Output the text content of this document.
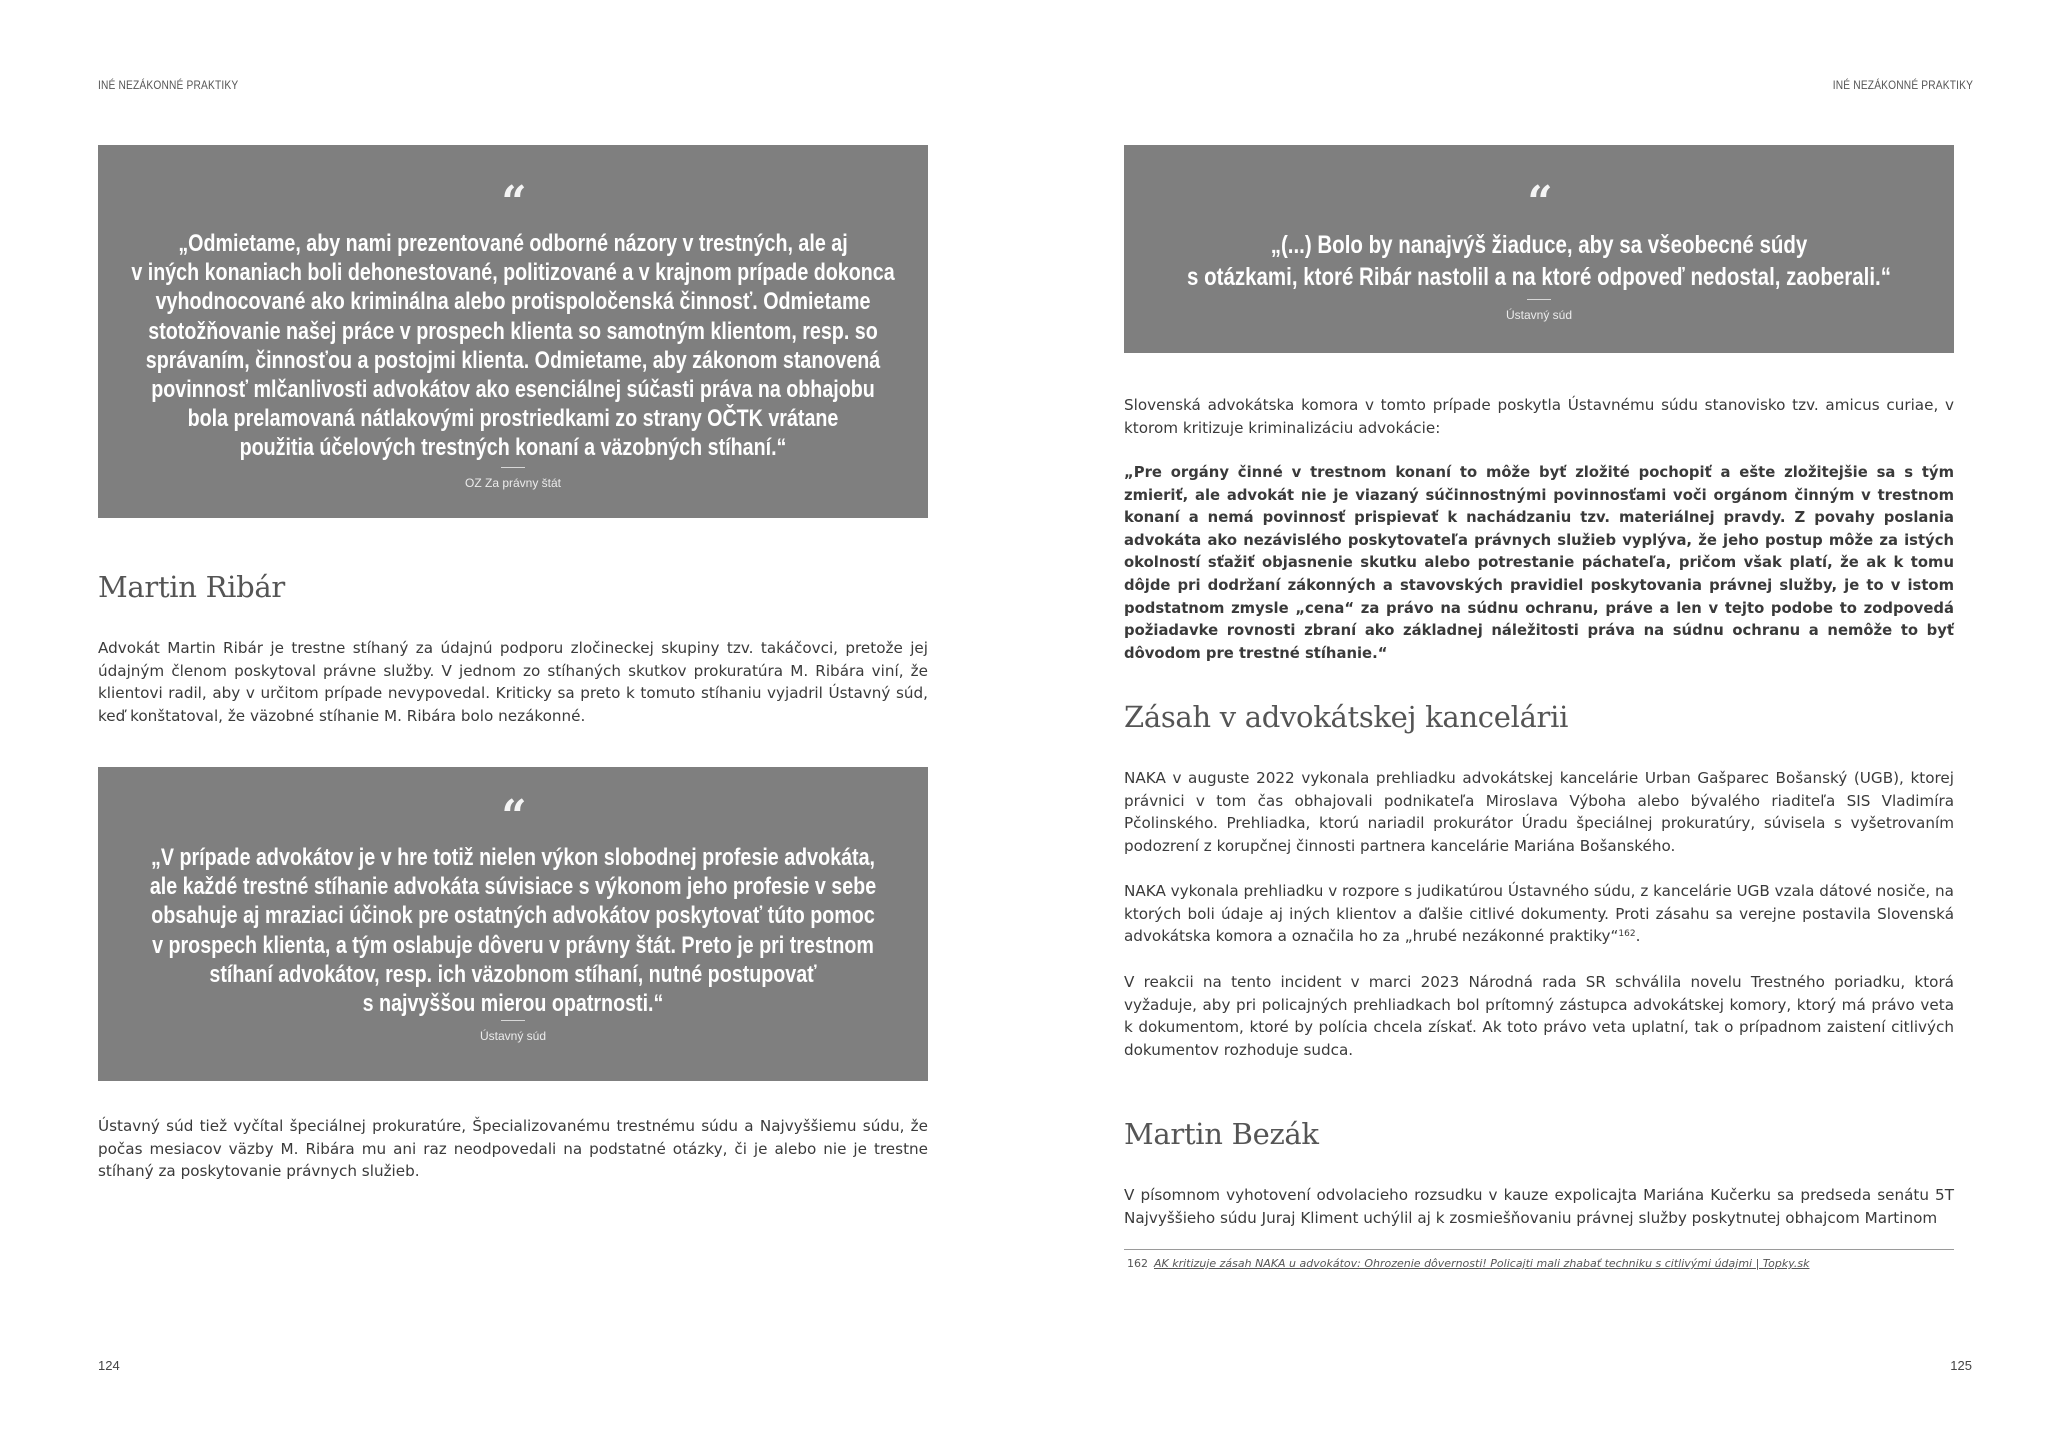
INÉ NEZÁKONNÉ PRAKTIKY
“
„Odmietame, aby nami prezentované odborné názory v trestných, ale aj
v iných konaniach boli dehonestované, politizované a v krajnom prípade dokonca
vyhodnocované ako kriminálna alebo protispoločenská činnosť. Odmietame
stotožňovanie našej práce v prospech klienta so samotným klientom, resp. so
správaním, činnosťou a postojmi klienta. Odmietame, aby zákonom stanovená
povinnosť mlčanlivosti advokátov ako esenciálnej súčasti práva na obhajobu
bola prelamovaná nátlakovými prostriedkami zo strany OČTK vrátane
použitia účelových trestných konaní a väzobných stíhaní.“
OZ Za právny štát
Martin Ribár

Advokát Martin Ribár je trestne stíhaný za údajnú podporu zločineckej skupiny tzv. takáčovci, pretože jej údajným členom poskytoval právne služby. V jednom zo stíhaných skutkov prokuratúra M. Ribára viní, že klientovi radil, aby v určitom prípade nevypovedal. Kriticky sa preto k tomuto stíhaniu vyjadril Ústavný súd, keď konštatoval, že väzobné stíhanie M. Ribára bolo nezákonné.

“
„V prípade advokátov je v hre totiž nielen výkon slobodnej profesie advokáta,
ale každé trestné stíhanie advokáta súvisiace s výkonom jeho profesie v sebe
obsahuje aj mraziaci účinok pre ostatných advokátov poskytovať túto pomoc
v prospech klienta, a tým oslabuje dôveru v právny štát. Preto je pri trestnom
stíhaní advokátov, resp. ich väzobnom stíhaní, nutné postupovať
s najvyššou mierou opatrnosti.“
Ústavný súd

Ústavný súd tiež vyčítal špeciálnej prokuratúre, Špecializovanému trestnému súdu a Najvyššiemu súdu, že počas mesiacov väzby M. Ribára mu ani raz neodpovedali na podstatné otázky, či je alebo nie je trestne stíhaný za poskytovanie právnych služieb.

124
INÉ NEZÁKONNÉ PRAKTIKY
“
„(...) Bolo by nanajvýš žiaduce, aby sa všeobecné súdy
s otázkami, ktoré Ribár nastolil a na ktoré odpoveď nedostal, zaoberali.“
Ústavný súd

Slovenská advokátska komora v tomto prípade poskytla Ústavnému súdu stanovisko tzv. amicus curiae, v ktorom kritizuje kriminalizáciu advokácie:

„Pre orgány činné v trestnom konaní to môže byť zložité pochopiť a ešte zložitejšie sa s tým zmieriť, ale advokát nie je viazaný súčinnostnými povinnosťami voči orgánom činným v trestnom konaní a nemá povinnosť prispievať k nachádzaniu tzv. materiálnej pravdy. Z povahy poslania advokáta ako nezávislého poskytovateľa právnych služieb vyplýva, že jeho postup môže za istých okolností sťažiť objasnenie skutku alebo potrestanie páchateľa, pričom však platí, že ak k tomu dôjde pri dodržaní zákonných a stavovských pravidiel poskytovania právnej služby, je to v istom podstatnom zmysle „cena“ za právo na súdnu ochranu, práve a len v tejto podobe to zodpovedá požiadavke rovnosti zbraní ako základnej náležitosti práva na súdnu ochranu a nemôže to byť dôvodom pre trestné stíhanie.“

Zásah v advokátskej kancelárii

NAKA v auguste 2022 vykonala prehliadku advokátskej kancelárie Urban Gašparec Bošanský (UGB), ktorej právnici v tom čas obhajovali podnikateľa Miroslava Výboha alebo bývalého riaditeľa SIS Vladimíra Pčolinského. Prehliadka, ktorú nariadil prokurátor Úradu špeciálnej prokuratúry, súvisela s vyšetrovaním podozrení z korupčnej činnosti partnera kancelárie Mariána Bošanského.

NAKA vykonala prehliadku v rozpore s judikatúrou Ústavného súdu, z kancelárie UGB vzala dátové nosiče, na ktorých boli údaje aj iných klientov a ďalšie citlivé dokumenty. Proti zásahu sa verejne postavila Slovenská advokátska komora a označila ho za „hrubé nezákonné praktiky“$^{162}$.

V reakcii na tento incident v marci 2023 Národná rada SR schválila novelu Trestného poriadku, ktorá vyžaduje, aby pri policajných prehliadkach bol prítomný zástupca advokátskej komory, ktorý má právo veta k dokumentom, ktoré by polícia chcela získať. Ak toto právo veta uplatní, tak o prípadnom zaistení citlivých dokumentov rozhoduje sudca.

Martin Bezák

V písomnom vyhotovení odvolacieho rozsudku v kauze expolicajta Mariána Kučerku sa predseda senátu 5T Najvyššieho súdu Juraj Kliment uchýlil aj k zosmiešňovaniu právnej služby poskytnutej obhajcom Martinom

162 AK kritizuje zásah NAKA u advokátov: Ohrozenie dôvernosti! Policajti mali zhabať techniku s citlivými údajmi | Topky.sk
125
